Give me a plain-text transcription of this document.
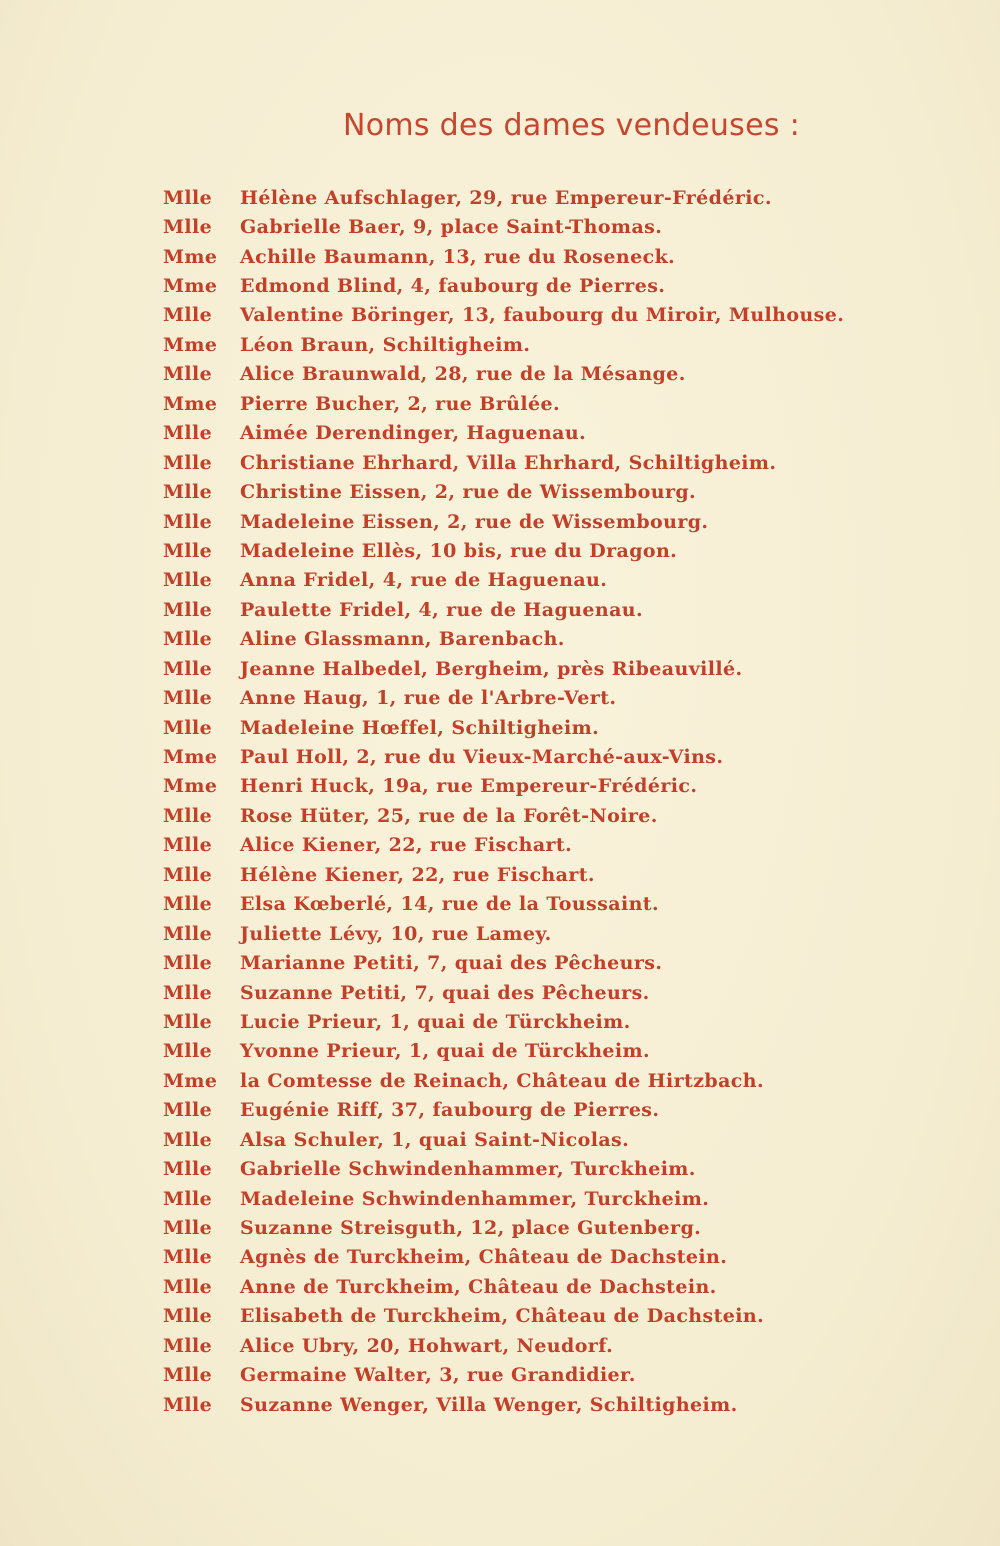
Noms des dames vendeuses :
Mlle	Hélène Aufschlager, 29, rue Empereur-Frédéric.
Mlle	Gabrielle Baer, 9, place Saint-Thomas.
Mme	Achille Baumann, 13, rue du Roseneck.
Mme	Edmond Blind, 4, faubourg de Pierres.
Mlle	Valentine Böringer, 13, faubourg du Miroir, Mulhouse.
Mme	Léon Braun, Schiltigheim.
Mlle	Alice Braunwald, 28, rue de la Mésange.
Mme	Pierre Bucher, 2, rue Brûlée.
Mlle	Aimée Derendinger, Haguenau.
Mlle	Christiane Ehrhard, Villa Ehrhard, Schiltigheim.
Mlle	Christine Eissen, 2, rue de Wissembourg.
Mlle	Madeleine Eissen, 2, rue de Wissembourg.
Mlle	Madeleine Ellès, 10 bis, rue du Dragon.
Mlle	Anna Fridel, 4, rue de Haguenau.
Mlle	Paulette Fridel, 4, rue de Haguenau.
Mlle	Aline Glassmann, Barenbach.
Mlle	Jeanne Halbedel, Bergheim, près Ribeauvillé.
Mlle	Anne Haug, 1, rue de l'Arbre-Vert.
Mlle	Madeleine Hœffel, Schiltigheim.
Mme	Paul Holl, 2, rue du Vieux-Marché-aux-Vins.
Mme	Henri Huck, 19a, rue Empereur-Frédéric.
Mlle	Rose Hüter, 25, rue de la Forêt-Noire.
Mlle	Alice Kiener, 22, rue Fischart.
Mlle	Hélène Kiener, 22, rue Fischart.
Mlle	Elsa Kœberlé, 14, rue de la Toussaint.
Mlle	Juliette Lévy, 10, rue Lamey.
Mlle	Marianne Petiti, 7, quai des Pêcheurs.
Mlle	Suzanne Petiti, 7, quai des Pêcheurs.
Mlle	Lucie Prieur, 1, quai de Türckheim.
Mlle	Yvonne Prieur, 1, quai de Türckheim.
Mme	la Comtesse de Reinach, Château de Hirtzbach.
Mlle	Eugénie Riff, 37, faubourg de Pierres.
Mlle	Alsa Schuler, 1, quai Saint-Nicolas.
Mlle	Gabrielle Schwindenhammer, Turckheim.
Mlle	Madeleine Schwindenhammer, Turckheim.
Mlle	Suzanne Streisguth, 12, place Gutenberg.
Mlle	Agnès de Turckheim, Château de Dachstein.
Mlle	Anne de Turckheim, Château de Dachstein.
Mlle	Elisabeth de Turckheim, Château de Dachstein.
Mlle	Alice Ubry, 20, Hohwart, Neudorf.
Mlle	Germaine Walter, 3, rue Grandidier.
Mlle	Suzanne Wenger, Villa Wenger, Schiltigheim.
